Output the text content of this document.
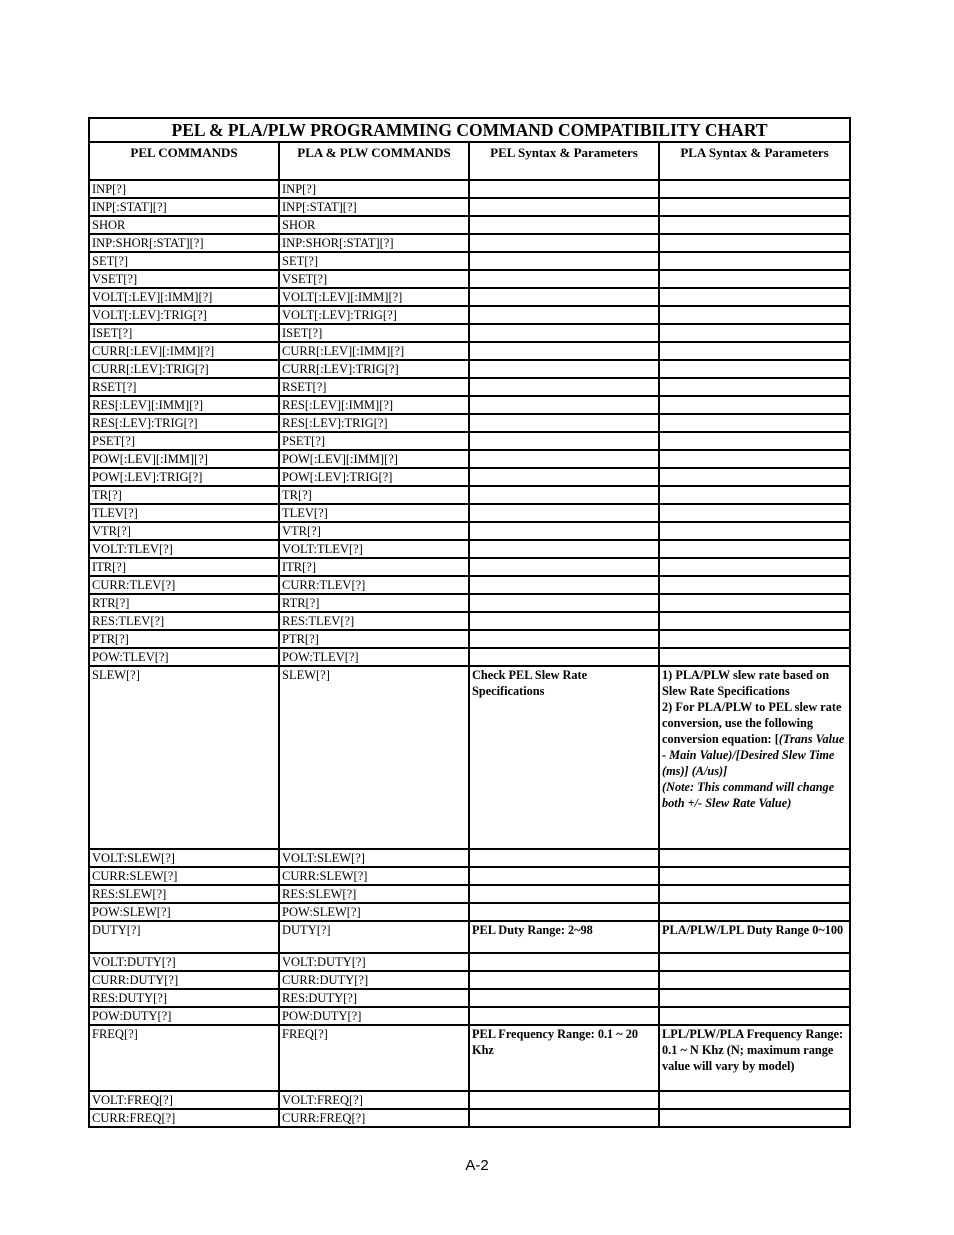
PEL & PLA/PLW PROGRAMMING COMMAND COMPATIBILITY CHART			
PEL COMMANDS	PLA & PLW COMMANDS	PEL Syntax & Parameters	PLA Syntax & Parameters
INP[?]	INP[?]		
INP[:STAT][?]	INP[:STAT][?]		
SHOR	SHOR		
INP:SHOR[:STAT][?]	INP:SHOR[:STAT][?]		
SET[?]	SET[?]		
VSET[?]	VSET[?]		
VOLT[:LEV][:IMM][?]	VOLT[:LEV][:IMM][?]		
VOLT[:LEV]:TRIG[?]	VOLT[:LEV]:TRIG[?]		
ISET[?]	ISET[?]		
CURR[:LEV][:IMM][?]	CURR[:LEV][:IMM][?]		
CURR[:LEV]:TRIG[?]	CURR[:LEV]:TRIG[?]		
RSET[?]	RSET[?]		
RES[:LEV][:IMM][?]	RES[:LEV][:IMM][?]		
RES[:LEV]:TRIG[?]	RES[:LEV]:TRIG[?]		
PSET[?]	PSET[?]		
POW[:LEV][:IMM][?]	POW[:LEV][:IMM][?]		
POW[:LEV]:TRIG[?]	POW[:LEV]:TRIG[?]		
TR[?]	TR[?]		
TLEV[?]	TLEV[?]		
VTR[?]	VTR[?]		
VOLT:TLEV[?]	VOLT:TLEV[?]		
ITR[?]	ITR[?]		
CURR:TLEV[?]	CURR:TLEV[?]		
RTR[?]	RTR[?]		
RES:TLEV[?]	RES:TLEV[?]		
PTR[?]	PTR[?]		
POW:TLEV[?]	POW:TLEV[?]		
SLEW[?]	SLEW[?]	Check PEL Slew Rate Specifications	1) PLA/PLW slew rate based on Slew Rate Specifications
2) For PLA/PLW to PEL slew rate conversion, use the following conversion equation: [(Trans Value - Main Value)/[Desired Slew Time (ms)] (A/us)]
(Note: This command will change both +/- Slew Rate Value)

VOLT:SLEW[?]	VOLT:SLEW[?]		
CURR:SLEW[?]	CURR:SLEW[?]		
RES:SLEW[?]	RES:SLEW[?]		
POW:SLEW[?]	POW:SLEW[?]		
DUTY[?]	DUTY[?]	PEL Duty Range: 2~98	PLA/PLW/LPL Duty Range 0~100
VOLT:DUTY[?]	VOLT:DUTY[?]		
CURR:DUTY[?]	CURR:DUTY[?]		
RES:DUTY[?]	RES:DUTY[?]		
POW:DUTY[?]	POW:DUTY[?]		
FREQ[?]	FREQ[?]	PEL Frequency Range: 0.1 ~ 20 Khz	LPL/PLW/PLA Frequency Range: 0.1 ~ N Khz (N; maximum range value will vary by model)
VOLT:FREQ[?]	VOLT:FREQ[?]		
CURR:FREQ[?]	CURR:FREQ[?]		
A-2
